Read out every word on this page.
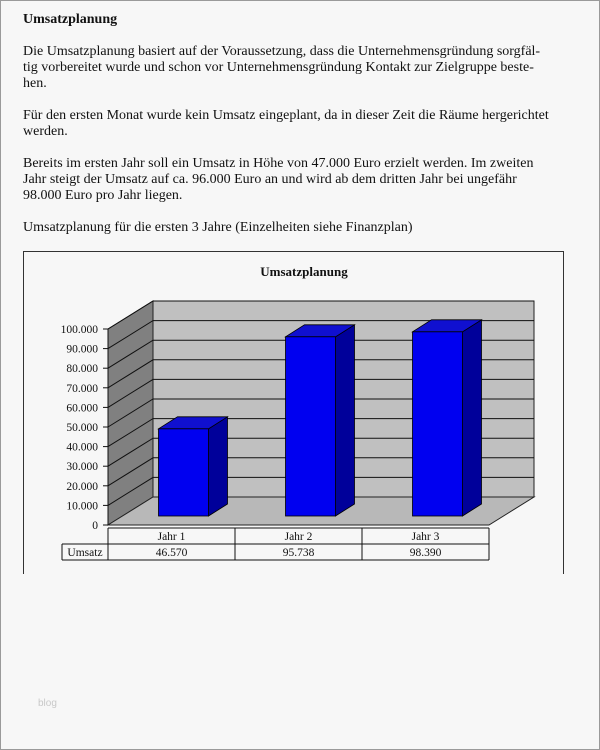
Umsatzplanung
Die Umsatzplanung basiert auf der Voraussetzung, dass die Unternehmensgründung sorgfäl-
tig vorbereitet wurde und schon vor Unternehmensgründung Kontakt zur Zielgruppe beste-
hen.
Für den ersten Monat wurde kein Umsatz eingeplant, da in dieser Zeit die Räume hergerichtet
werden.
Bereits im ersten Jahr soll ein Umsatz in Höhe von 47.000 Euro erzielt werden. Im zweiten
Jahr steigt der Umsatz auf ca. 96.000 Euro an und wird ab dem dritten Jahr bei ungefähr
98.000 Euro pro Jahr liegen.
Umsatzplanung für die ersten 3 Jahre (Einzelheiten siehe Finanzplan)
Umsatzplanung
0
10.000
20.000
30.000
40.000
50.000
60.000
70.000
80.000
90.000
100.000
Jahr 1
46.570
Jahr 2
95.738
Jahr 3
98.390
Umsatz
blog
